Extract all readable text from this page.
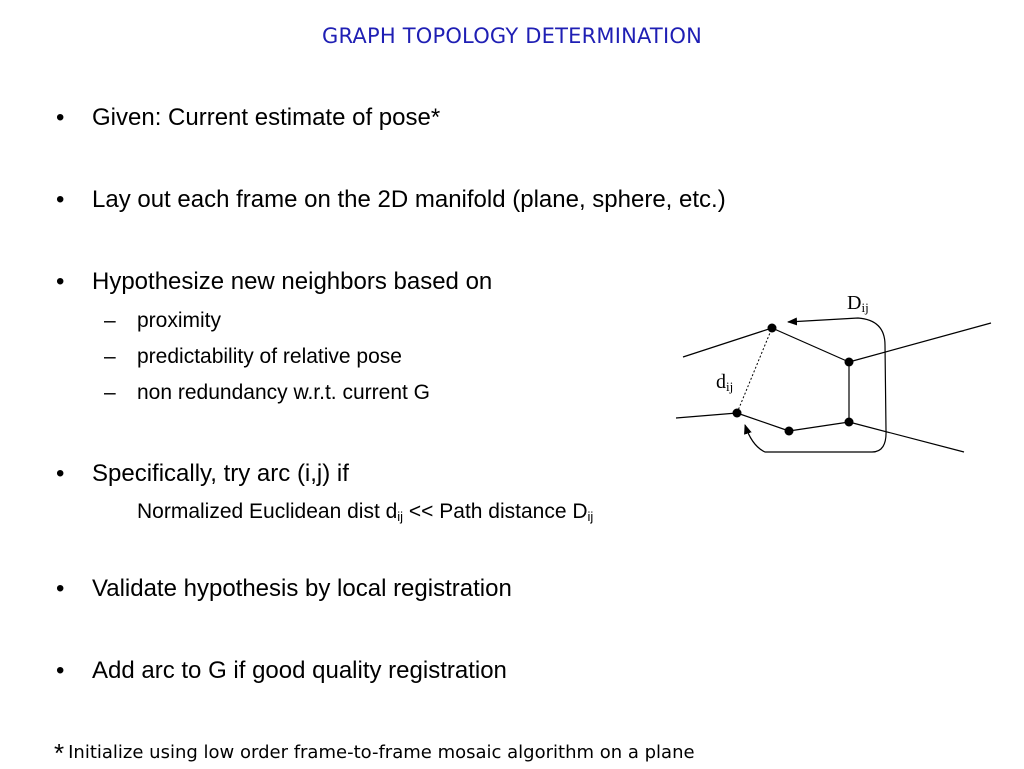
GRAPH TOPOLOGY DETERMINATION
• Given: Current estimate of pose*
• Lay out each frame on the 2D manifold (plane, sphere, etc.)
• Hypothesize new neighbors based on
– proximity
– predictability of relative pose
– non redundancy w.r.t. current G
• Specifically, try arc (i,j) if
Normalized Euclidean dist $d_{ij}$ << Path distance $D_{ij}$
• Validate hypothesis by local registration
• Add arc to G if good quality registration
Dij
dij
* Initialize using low order frame-to-frame mosaic algorithm on a plane
